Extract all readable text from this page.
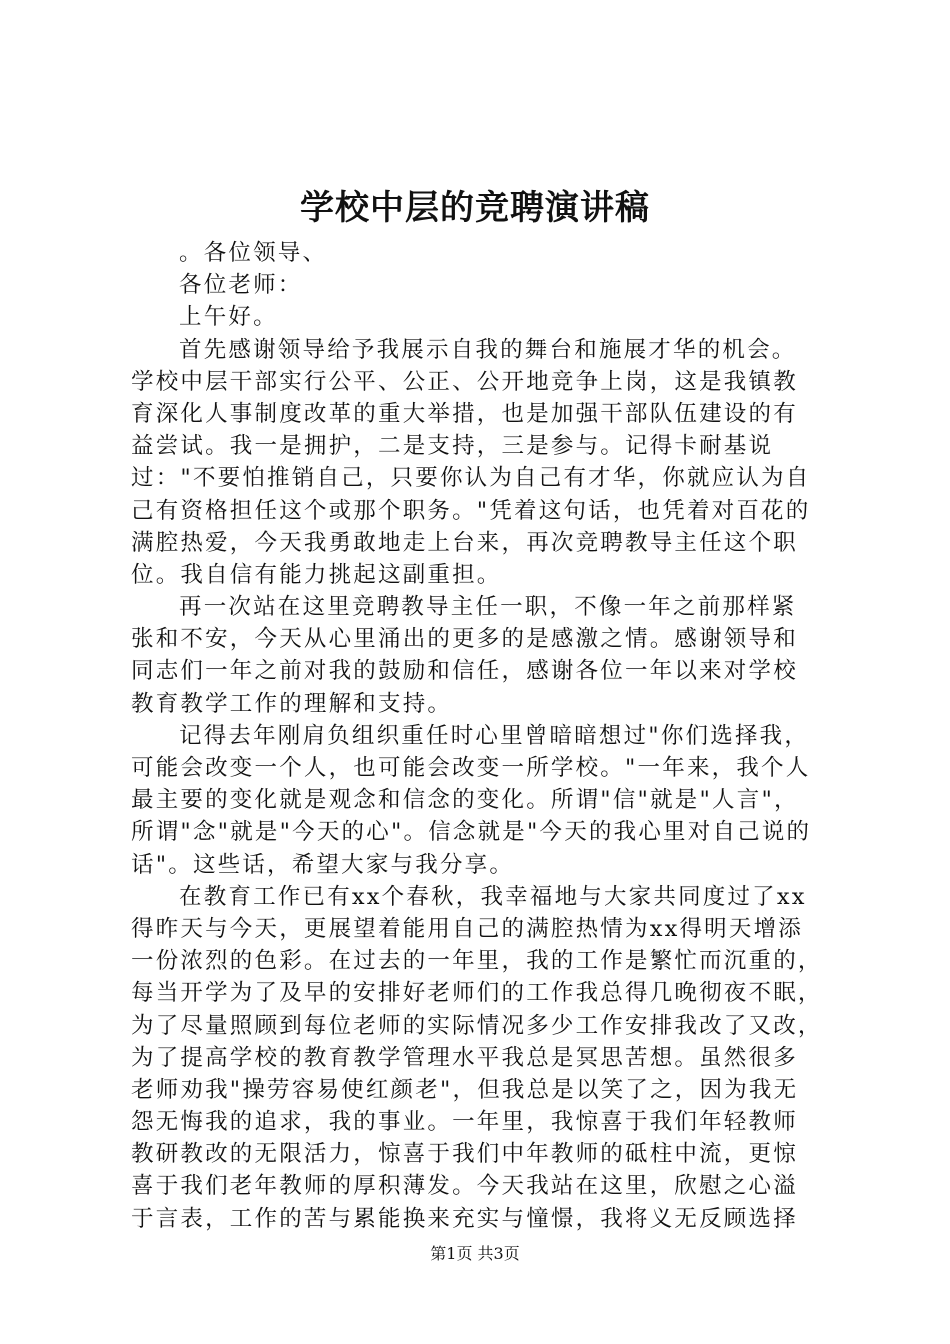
学校中层的竞聘演讲稿
。各位领导、
各位老师：
上午好。
首先感谢领导给予我展示自我的舞台和施展才华的机会。
学校中层干部实行公平、公正、公开地竞争上岗，这是我镇教
育深化人事制度改革的重大举措，也是加强干部队伍建设的有
益尝试。我一是拥护，二是支持，三是参与。记得卡耐基说
过："不要怕推销自己，只要你认为自己有才华，你就应认为自
己有资格担任这个或那个职务。"凭着这句话，也凭着对百花的
满腔热爱，今天我勇敢地走上台来，再次竞聘教导主任这个职
位。我自信有能力挑起这副重担。
再一次站在这里竞聘教导主任一职，不像一年之前那样紧
张和不安，今天从心里涌出的更多的是感激之情。感谢领导和
同志们一年之前对我的鼓励和信任，感谢各位一年以来对学校
教育教学工作的理解和支持。
记得去年刚肩负组织重任时心里曾暗暗想过"你们选择我，
可能会改变一个人，也可能会改变一所学校。"一年来，我个人
最主要的变化就是观念和信念的变化。所谓"信"就是"人言"，
所谓"念"就是"今天的心"。信念就是"今天的我心里对自己说的
话"。这些话，希望大家与我分享。
在教育工作已有xx个春秋，我幸福地与大家共同度过了xx
得昨天与今天，更展望着能用自己的满腔热情为xx得明天增添
一份浓烈的色彩。在过去的一年里，我的工作是繁忙而沉重的，
每当开学为了及早的安排好老师们的工作我总得几晚彻夜不眠，
为了尽量照顾到每位老师的实际情况多少工作安排我改了又改，
为了提高学校的教育教学管理水平我总是冥思苦想。虽然很多
老师劝我"操劳容易使红颜老"，但我总是以笑了之，因为我无
怨无悔我的追求，我的事业。一年里，我惊喜于我们年轻教师
教研教改的无限活力，惊喜于我们中年教师的砥柱中流，更惊
喜于我们老年教师的厚积薄发。今天我站在这里，欣慰之心溢
于言表，工作的苦与累能换来充实与憧憬，我将义无反顾选择
第1页 共3页
